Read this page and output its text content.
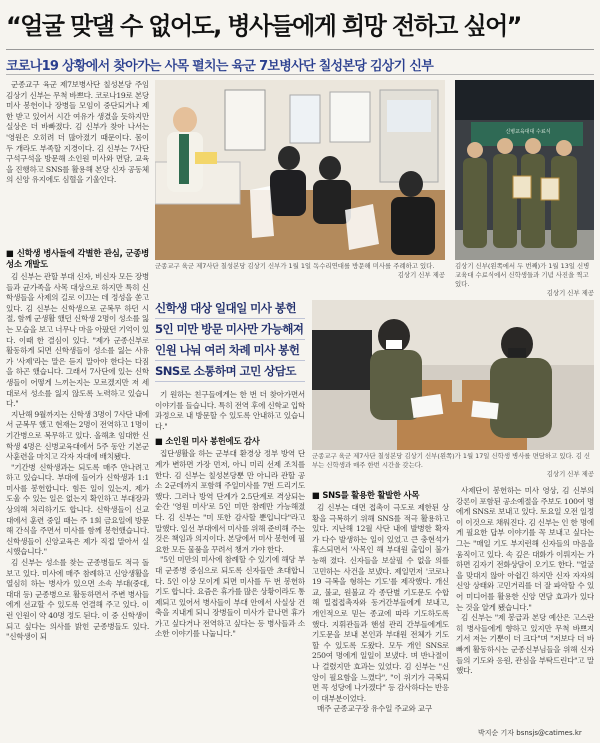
“얼굴 맞댈 수 없어도, 병사들에게 희망 전하고 싶어”
코로나19 상황에서 찾아가는 사목 펼치는 육군 7보병사단 칠성본당 김상기 신부

군종교구 육군 제7보병사단 칠성본당 주임 김상기 신부는 무척 바쁘다. 코로나19로 본당 미사 봉헌이나 장병들 모임이 중단되거나 제한 받고 있어서 시간 여유가 생겼을 듯하지만 실상은 더 바빠졌다. 김 신부가 찾아 나서는 '영원은 오히려 더 많아졌기 때문이다. 몸이 두 개라도 부족할 지경이다. 김 신부는 7사단 구석구석을 방문해 소인원 미사와 면담, 교육을 진행하고 SNS를 활용해 본당 신자 공동체의 신앙 유지에도 심혈을 기울인다.

신병교육대대 수료식
군종교구 육군 제7사단 칠성본당 김상기 신부가 1월 1일 독수리연대를 방문해 미사를 주례하고 있다.
김상기 신부 제공
김상기 신부(왼쪽에서 두 번째)가 1월 13일 신병교육대 수료식에서 신학생들과 기념 사진을 찍고 있다.
김상기 신부 제공
■ 신학생 병사들에 각별한 관심, 군종병 성소 개발도

김 신부는 관할 부대 신자, 비신자 모든 장병들과 균가족을 사목 대상으로 하지만 특히 신학생들을 사제의 길로 이끄는 데 정성을 쏟고 있다. 김 신부는 신학생으로 군복무 하던 시절, 함께 군생활 했던 신학생 2명이 성소를 잃는 모습을 보고 너무나 마음 아팠던 기억이 있다. 이때 한 결심이 있다. "제가 군종신부로 활동하게 되면 신학생들이 성소를 잃는 사유가 '사제'라는 말은 듣지 말아야 한다는 다짐을 하곤 했습니다. 그래서 7사단에 있는 신학생들이 어떻게 느끼는지는 모르겠지만 저 세대로서 성소를 잃지 않도록 노력하고 있습니다."

지난해 9월까지는 신학생 3명이 7사단 내에서 군복무 했고 현재는 2명이 전역하고 1명이 기간병으로 복무하고 있다. 올해초 임대한 신학생 4명은 신병교육대에서 5주 동안 기본군사훈련을 마치고 각자 자대에 배치됐다.

"기간병 신학생과는 되도록 매주 만나려고 하고 있습니다. 부대에 들어가 신학생과 1:1 미사를 봉헌합니다. 힘든 일이 있는지, 제가 도울 수 있는 일은 없는지 확인하고 부대장과 상의해 처리하기도 합니다. 신학생들이 신교대에서 훈련 중일 때는 주 1회 금요일에 방문해 간식을 주면서 미사를 함께 봉헌했습니다. 신학생들이 신앙교육은 제가 직접 맡아서 실시했습니다."

김 신부는 성소를 찾는 군종병들도 적극 돌보고 있다. 미사에 매주 참례하고 신앙생활을 열심히 하는 병사가 있으면 소속 부대(중대, 대대 등) 군종병으로 활동하면서 주변 병사들에게 선교할 수 있도록 연결해 주고 있다. 이런 인원이 약 40명 정도 된다. 이 중 신학생이 되고 싶다는 의사를 밝힌 군종병들도 있다. "신학생이 되

신학생 대상 일대일 미사 봉헌
5인 미만 방문 미사만 가능해져
인원 나눠 여러 차례 미사 봉헌
SNS로 소통하며 고민 상담도
군종교구 육군 제7사단 칠성본당 김상기 신부(왼쪽)가 1월 17일 신학생 병사를 면담하고 있다. 김 신부는 신학생과 매주 한번 시간을 갖는다.
김상기 신부 제공

기 원하는 친구들에게는 한 번 더 찾아가면서 이야기를 들습니다. 특히 전역 후에 신학교 입학 과정으로 내 방문할 수 있도록 안내하고 있습니다."

■ 소인원 미사 봉헌에도 감사

집단생활을 하는 군부대 환경상 정부 방역 단계가 변하면 가장 먼저, 아니 미리 선제 조치를 한다. 김 신부는 칠성본당뿐 만 아니라 관할 공소 2군데까지 포함해 주일미사를 7번 드리기도 했다. 그러나 방역 단계가 2.5단계로 격상되는 순간 '영원 미사'로 5인 미만 참례만 가능해졌다. 김 신부는 "미 또한 감사할 뿐입니다"라고 말했다. 일선 부대에서 미사를 위해 준비해 주는 것은 책임과 의지이다. 본당에서 미사 봉헌에 필요한 모든 물품을 꾸려서 챙겨 가야 한다.

"5인 미만의 미사에 참례할 수 있기에 해당 부대 군종병 중심으로 되도록 신자들만 초대합니다. 5인 이상 모이게 되면 미사를 두 번 봉헌하기도 합니다. 요즘은 휴가를 많은 상황이라도 통제되고 있어서 병사들이 부대 안에서 사실상 건축을 지내게 되니 장병들이 미사가 끝나면 휴가 가고 싶다거나 전역하고 싶다는 등 병사들과 소소한 이야기를 나눕니다."

■ SNS를 활용한 활발한 사목

김 신부는 대면 접촉이 극도로 제한된 상황을 극복하기 위해 SNS를 적극 활용하고 있다. 지난해 12월 사단 내에 발병한 확자가 다수 발생하는 일이 있었고 큰 충현석가 휴스되면서 '사목인 해 부대원 출입이 불가능해 졌다. 신자들을 보살필 수 없을 의를 고민하는 사건을 보냈다. 제일먼저 '코로나19 극복을 형하는 기도'를 제작했다. 개신교, 불교, 원불교 각 종단별 기도문도 수합해 밀접접촉자와 동거간부들에게 보내고, 개인적으로 믿는 종교에 따라 기도하도록 했다. 지휘관들과 핸섬 관리 간부들에게도 기도문을 보내 본인과 부대원 전체가 기도할 수 있도록 도왔다. 모두 개인 SNS로 250여 명에게 일일이 보냈다. 며 반나절이나 걸렸지만 효과는 있었다. 김 신부는 "신앙이 필요함을 느꼈다", "이 위기가 극복되면 꼭 성당에 나가겠다" 등 감사하다는 반응이 대부분이었다.

매주 군종교구장 유수일 주교와 교구

사제단이 봉헌하는 미사 영상, 김 신부의 강론이 포함된 공소예절을 주보도 100여 명에게 SNS로 보내고 있다. 토요일 오전 일정이 이것으로 채워진다. 김 신부는 인 한 명에게 필요한 답부 이야기를 꼭 보내고 싶다는 그는 "매일 기도 부지런해 신자들의 마음을 움직이고 있다. 속 깊은 대화가 이뤄지는 가하면 김자기 전화상담이 오기도 한다. "얼굴을 맞대지 않아 아쉽긴 하지만 신자 자자의 신앙 상태와 고민거리를 더 잘 파악할 수 있어 미디어를 활용한 신앙 면담 효과가 있다는 것을 알게 됐습니다."

김 신부는 "제 봉급과 본당 예산은 고스란히 병사들에게 향하고 있지만 무척 바쁘지 기서 저는 기뿐이 더 크다"며 "저보다 더 바빠게 활동하시는 군종신부님들을 위해 신자들의 기도와 응원, 관심을 부탁드린다"고 말했다.

박지순 기자 bsnsjs@catimes.kr
